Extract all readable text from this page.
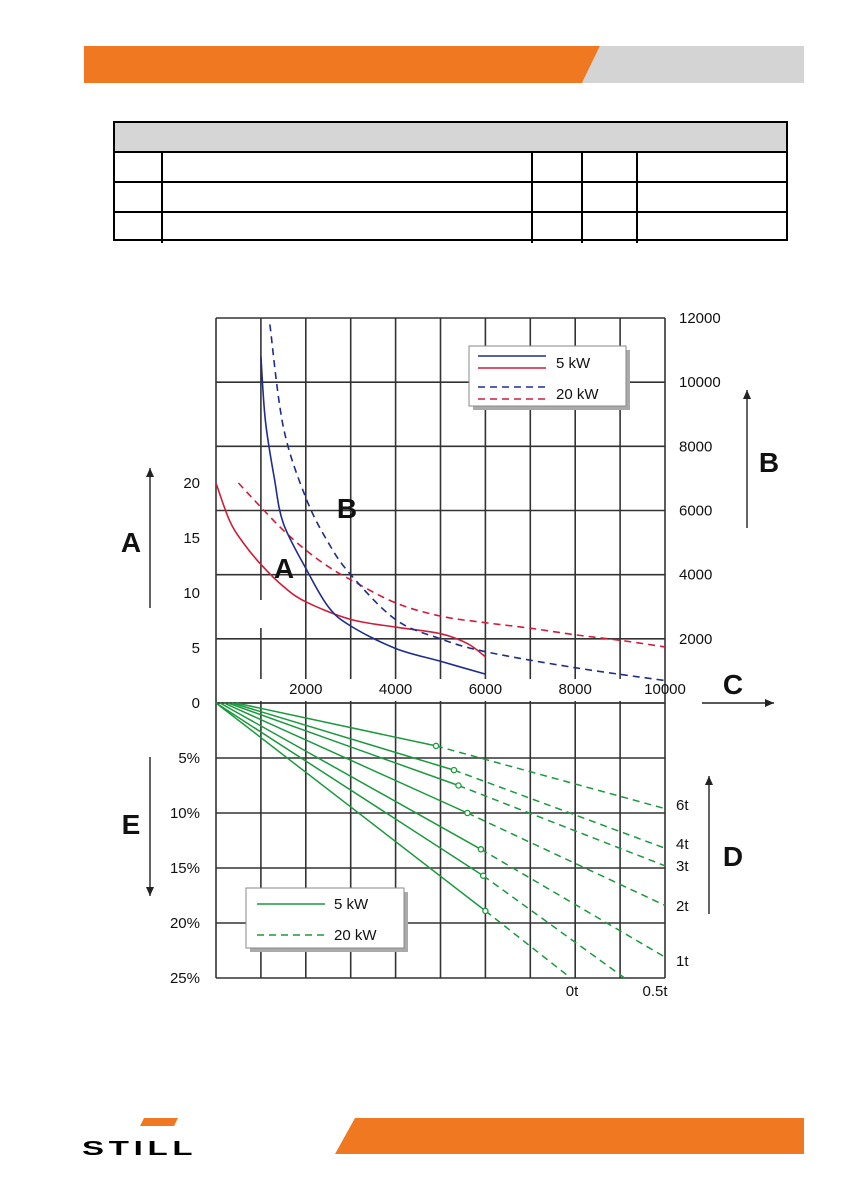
5
10
15
20
2000
4000
6000
8000
10000
12000
2000	4000	6000	8000	10000
0
5%
10%
15%
20%
25%
6t
4t
3t
2t
1t
0t	0.5t
A
B
C
D
E
A
B
5 kW
20 kW
5 kW
20 kW
STILL
